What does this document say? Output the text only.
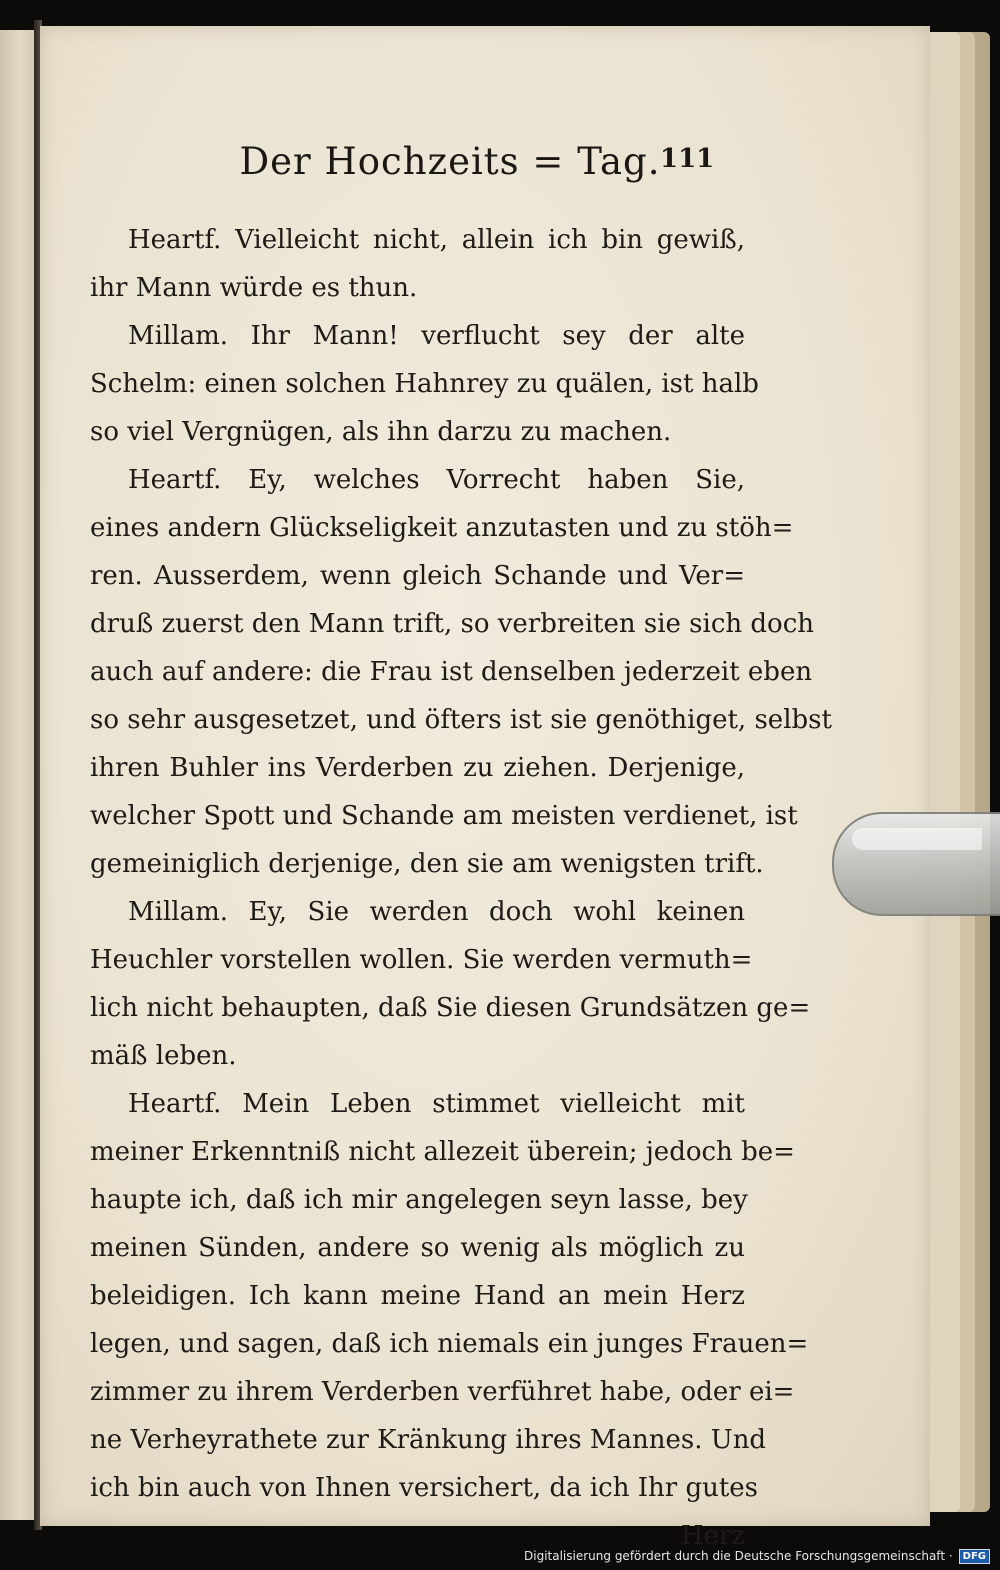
Der Hochzeits = Tag. 111
Heartf. Vielleicht nicht, allein ich bin gewiß,
ihr Mann würde es thun.
Millam. Ihr Mann! verflucht sey der alte
Schelm: einen solchen Hahnrey zu quälen, ist halb
so viel Vergnügen, als ihn darzu zu machen.
Heartf. Ey, welches Vorrecht haben Sie,
eines andern Glückseligkeit anzutasten und zu stöh=
ren. Ausserdem, wenn gleich Schande und Ver=
druß zuerst den Mann trift, so verbreiten sie sich doch
auch auf andere: die Frau ist denselben jederzeit eben
so sehr ausgesetzet, und öfters ist sie genöthiget, selbst
ihren Buhler ins Verderben zu ziehen. Derjenige,
welcher Spott und Schande am meisten verdienet, ist
gemeiniglich derjenige, den sie am wenigsten trift.
Millam. Ey, Sie werden doch wohl keinen
Heuchler vorstellen wollen. Sie werden vermuth=
lich nicht behaupten, daß Sie diesen Grundsätzen ge=
mäß leben.
Heartf. Mein Leben stimmet vielleicht mit
meiner Erkenntniß nicht allezeit überein; jedoch be=
haupte ich, daß ich mir angelegen seyn lasse, bey
meinen Sünden, andere so wenig als möglich zu
beleidigen. Ich kann meine Hand an mein Herz
legen, und sagen, daß ich niemals ein junges Frauen=
zimmer zu ihrem Verderben verführet habe, oder ei=
ne Verheyrathete zur Kränkung ihres Mannes. Und
ich bin auch von Ihnen versichert, da ich Ihr gutes
Herz
Digitalisierung gefördert durch die Deutsche Forschungsgemeinschaft ·	DFG
